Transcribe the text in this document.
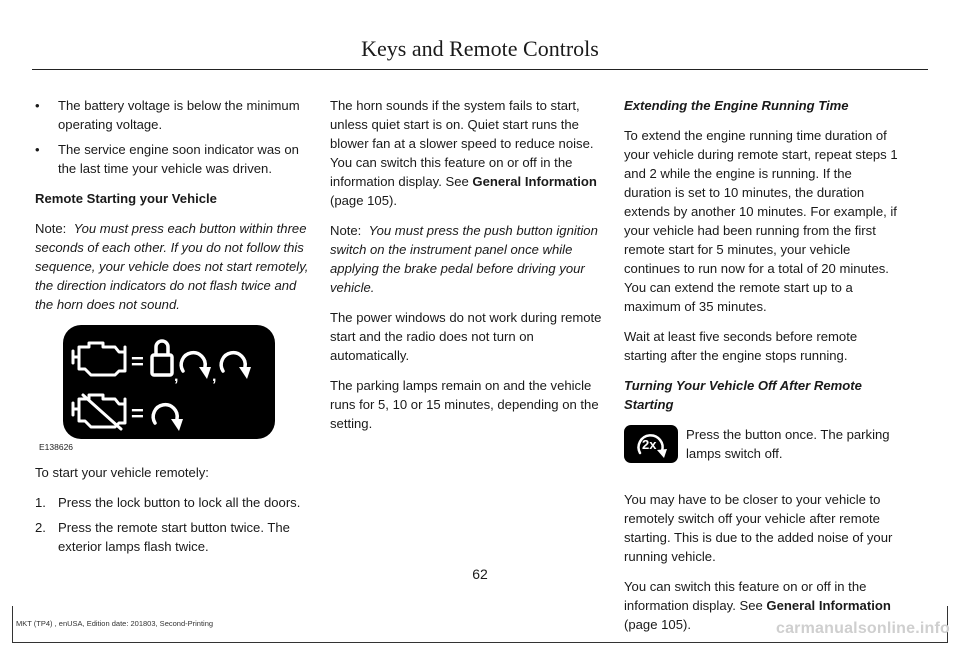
Keys and Remote Controls
• The battery voltage is below the minimum operating voltage.
• The service engine soon indicator was on the last time your vehicle was driven.

Remote Starting your Vehicle

Note: You must press each button within three seconds of each other. If you do not follow this sequence, your vehicle does not start remotely, the direction indicators do not flash twice and the horn does not sound.

=
, ,
=
E138626

To start your vehicle remotely:

1. Press the lock button to lock all the doors.
2. Press the remote start button twice. The exterior lamps flash twice.

The horn sounds if the system fails to start, unless quiet start is on. Quiet start runs the blower fan at a slower speed to reduce noise. You can switch this feature on or off in the information display. See General Information (page 105).

Note: You must press the push button ignition switch on the instrument panel once while applying the brake pedal before driving your vehicle.

The power windows do not work during remote start and the radio does not turn on automatically.

The parking lamps remain on and the vehicle runs for 5, 10 or 15 minutes, depending on the setting.

Extending the Engine Running Time

To extend the engine running time duration of your vehicle during remote start, repeat steps 1 and 2 while the engine is running. If the duration is set to 10 minutes, the duration extends by another 10 minutes. For example, if your vehicle had been running from the first remote start for 5 minutes, your vehicle continues to run now for a total of 20 minutes. You can extend the remote start up to a maximum of 35 minutes.

Wait at least five seconds before remote starting after the engine stops running.

Turning Your Vehicle Off After Remote Starting

2x
Press the button once. The parking lamps switch off.

You may have to be closer to your vehicle to remotely switch off your vehicle after remote starting. This is due to the added noise of your running vehicle.

You can switch this feature on or off in the information display. See General Information (page 105).

62
MKT (TP4) , enUSA, Edition date: 201803, Second-Printing	carmanualsonline.info
